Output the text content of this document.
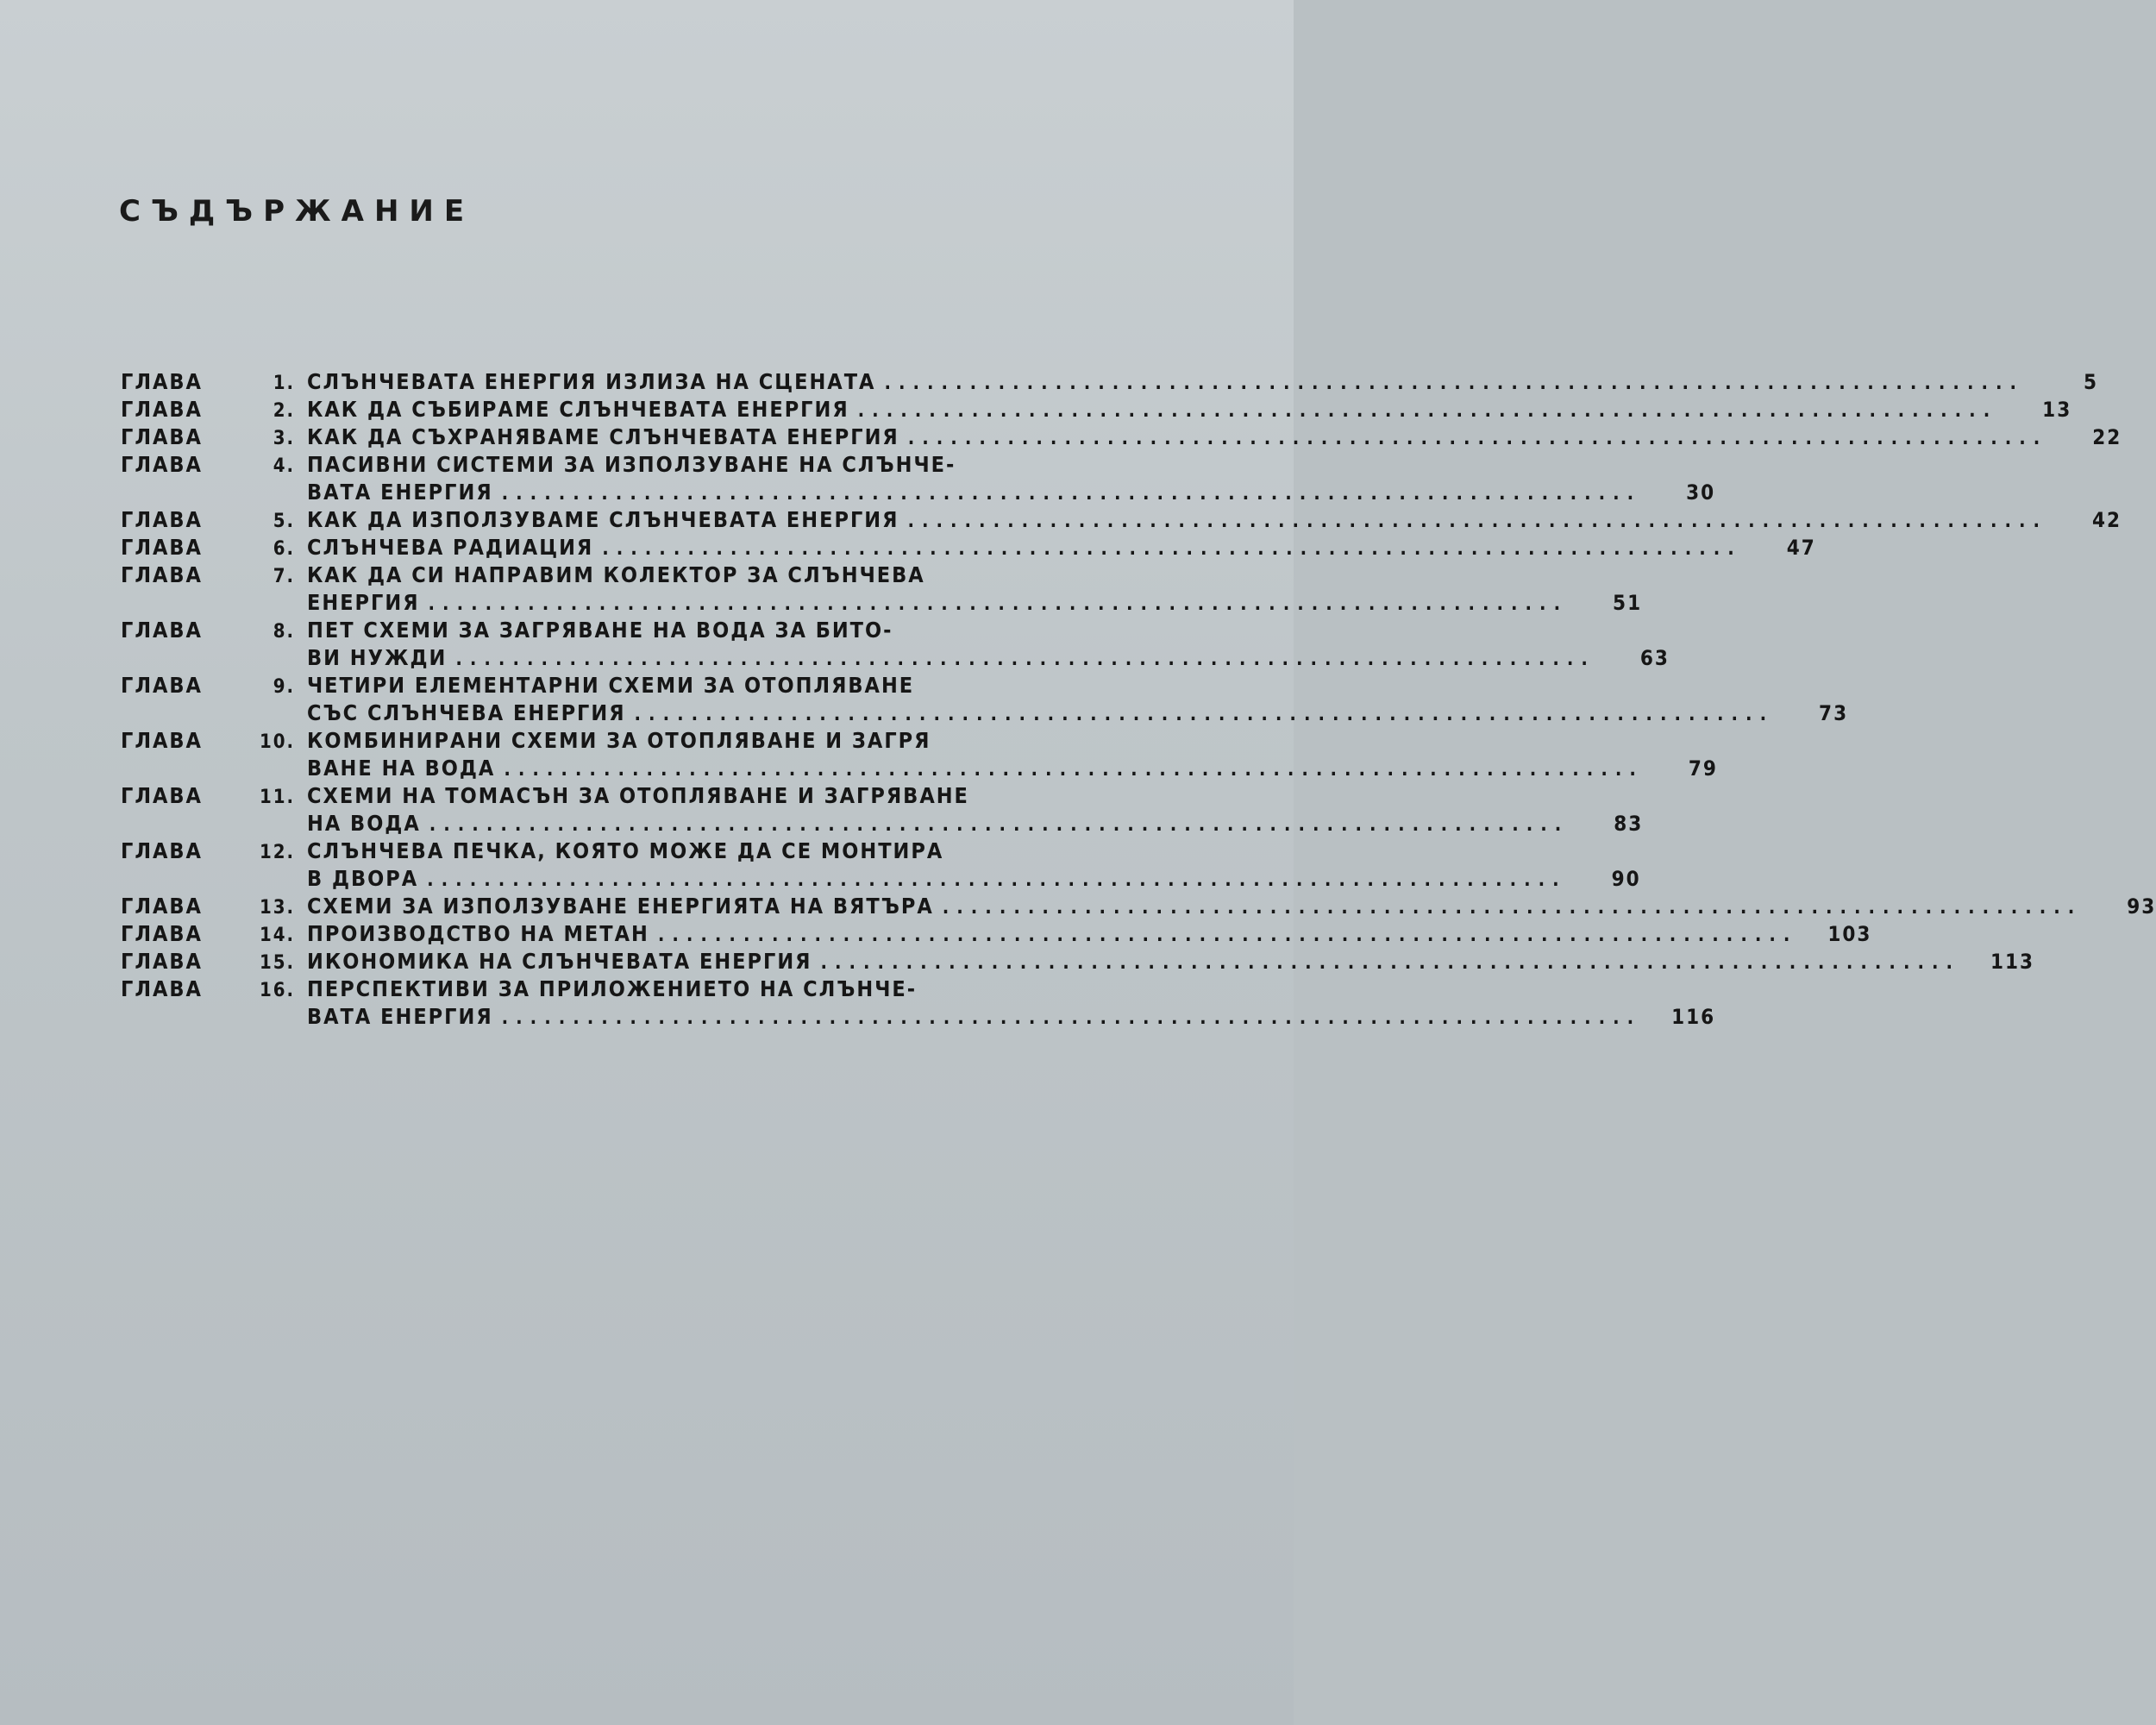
СЪДЪРЖАНИЕ
ГЛАВА	1. СЛЪНЧЕВАТА ЕНЕРГИЯ ИЗЛИЗА НА СЦЕНАТА ................................................................................	5
ГЛАВА	2. КАК ДА СЪБИРАМЕ СЛЪНЧЕВАТА ЕНЕРГИЯ ................................................................................	13
ГЛАВА	3. КАК ДА СЪХРАНЯВАМЕ СЛЪНЧЕВАТА ЕНЕРГИЯ ................................................................................	22
ГЛАВА	4. ПАСИВНИ СИСТЕМИ ЗА ИЗПОЛЗУВАНЕ НА СЛЪНЧЕ-
ВАТА ЕНЕРГИЯ ................................................................................	30
ГЛАВА	5. КАК ДА ИЗПОЛЗУВАМЕ СЛЪНЧЕВАТА ЕНЕРГИЯ ................................................................................	42
ГЛАВА	6. СЛЪНЧЕВА РАДИАЦИЯ ................................................................................	47
ГЛАВА	7. КАК ДА СИ НАПРАВИМ КОЛЕКТОР ЗА СЛЪНЧЕВА
ЕНЕРГИЯ ................................................................................	51
ГЛАВА	8. ПЕТ СХЕМИ ЗА ЗАГРЯВАНЕ НА ВОДА ЗА БИТО-
ВИ НУЖДИ ................................................................................	63
ГЛАВА	9. ЧЕТИРИ ЕЛЕМЕНТАРНИ СХЕМИ ЗА ОТОПЛЯВАНЕ
СЪС СЛЪНЧЕВА ЕНЕРГИЯ ................................................................................	73
ГЛАВА	10. КОМБИНИРАНИ СХЕМИ ЗА ОТОПЛЯВАНЕ И ЗАГРЯ
ВАНЕ НА ВОДА ................................................................................	79
ГЛАВА	11. СХЕМИ НА ТОМАСЪН ЗА ОТОПЛЯВАНЕ И ЗАГРЯВАНЕ
НА ВОДА ................................................................................	83
ГЛАВА	12. СЛЪНЧЕВА ПЕЧКА, КОЯТО МОЖЕ ДА СЕ МОНТИРА
В ДВОРА ................................................................................	90
ГЛАВА	13. СХЕМИ ЗА ИЗПОЛЗУВАНЕ ЕНЕРГИЯТА НА ВЯТЪРА ................................................................................	93
ГЛАВА	14. ПРОИЗВОДСТВО НА МЕТАН ................................................................................	103
ГЛАВА	15. ИКОНОМИКА НА СЛЪНЧЕВАТА ЕНЕРГИЯ ................................................................................	113
ГЛАВА	16. ПЕРСПЕКТИВИ ЗА ПРИЛОЖЕНИЕТО НА СЛЪНЧЕ-
ВАТА ЕНЕРГИЯ ................................................................................	116
